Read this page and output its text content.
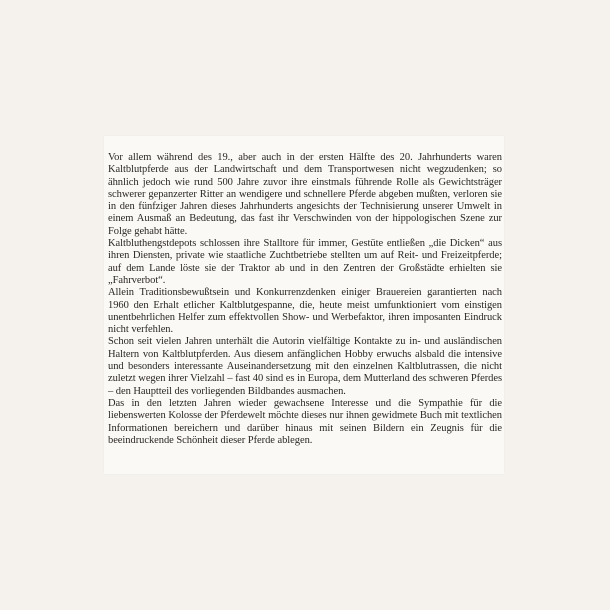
Vor allem während des 19., aber auch in der ersten Hälfte des 20. Jahrhunderts waren Kaltblutpferde aus der Landwirtschaft und dem Transportwesen nicht wegzudenken; so ähnlich jedoch wie rund 500 Jahre zuvor ihre einstmals führende Rolle als Gewichtsträger schwerer gepanzerter Ritter an wendigere und schnellere Pferde abgeben mußten, verloren sie in den fünfziger Jahren dieses Jahrhunderts angesichts der Technisierung unserer Umwelt in einem Ausmaß an Bedeutung, das fast ihr Verschwinden von der hippologischen Szene zur Folge gehabt hätte.

Kaltbluthengstdepots schlossen ihre Stalltore für immer, Gestüte entließen „die Dicken“ aus ihren Diensten, private wie staatliche Zuchtbetriebe stellten um auf Reit- und Freizeitpferde; auf dem Lande löste sie der Traktor ab und in den Zentren der Großstädte erhielten sie „Fahrverbot“.

Allein Traditionsbewußtsein und Konkurrenzdenken einiger Brauereien garantierten nach 1960 den Erhalt etlicher Kaltblutgespanne, die, heute meist umfunktioniert vom einstigen unentbehrlichen Helfer zum effektvollen Show- und Werbefaktor, ihren imposanten Eindruck nicht verfehlen.

Schon seit vielen Jahren unterhält die Autorin vielfältige Kontakte zu in- und ausländischen Haltern von Kaltblutpferden. Aus diesem anfänglichen Hobby erwuchs alsbald die intensive und besonders interessante Auseinandersetzung mit den einzelnen Kaltblutrassen, die nicht zuletzt wegen ihrer Vielzahl – fast 40 sind es in Europa, dem Mutterland des schweren Pferdes – den Hauptteil des vorliegenden Bildbandes ausmachen.

Das in den letzten Jahren wieder gewachsene Interesse und die Sympathie für die liebenswerten Kolosse der Pferdewelt möchte dieses nur ihnen gewidmete Buch mit textlichen Informationen bereichern und darüber hinaus mit seinen Bildern ein Zeugnis für die beeindruckende Schönheit dieser Pferde ablegen.
